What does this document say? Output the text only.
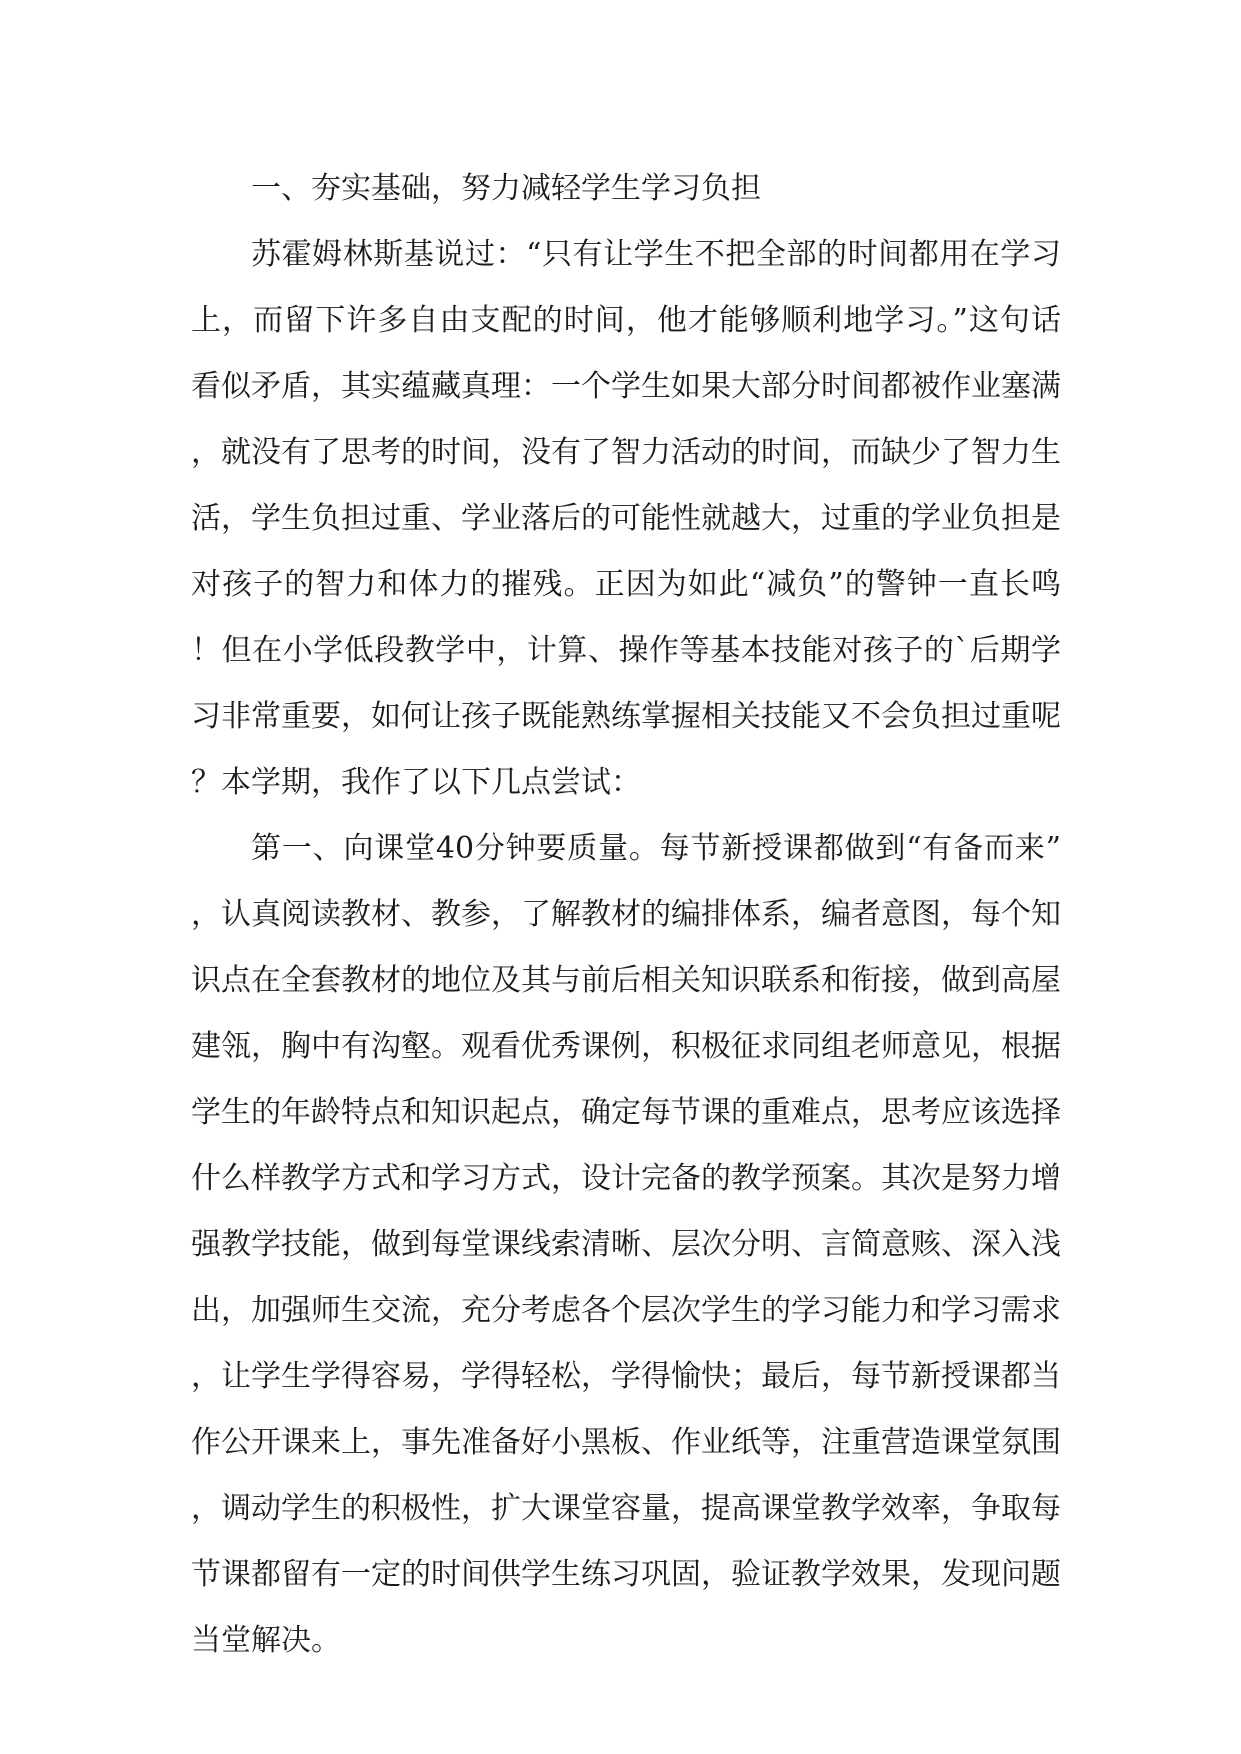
一、夯实基础，努力减轻学生学习负担

苏霍姆林斯基说过：“只有让学生不把全部的时间都用在学习上，而留下许多自由支配的时间，他才能够顺利地学习。”这句话看似矛盾，其实蕴藏真理：一个学生如果大部分时间都被作业塞满，就没有了思考的时间，没有了智力活动的时间，而缺少了智力生活，学生负担过重、学业落后的可能性就越大，过重的学业负担是对孩子的智力和体力的摧残。正因为如此“减负”的警钟一直长鸣！但在小学低段教学中，计算、操作等基本技能对孩子的`后期学习非常重要，如何让孩子既能熟练掌握相关技能又不会负担过重呢？本学期，我作了以下几点尝试：

第一、向课堂40分钟要质量。每节新授课都做到“有备而来”，认真阅读教材、教参，了解教材的编排体系，编者意图，每个知识点在全套教材的地位及其与前后相关知识联系和衔接，做到高屋建瓴，胸中有沟壑。观看优秀课例，积极征求同组老师意见，根据学生的年龄特点和知识起点，确定每节课的重难点，思考应该选择什么样教学方式和学习方式，设计完备的教学预案。其次是努力增强教学技能，做到每堂课线索清晰、层次分明、言简意赅、深入浅出，加强师生交流，充分考虑各个层次学生的学习能力和学习需求，让学生学得容易，学得轻松，学得愉快；最后，每节新授课都当作公开课来上，事先准备好小黑板、作业纸等，注重营造课堂氛围，调动学生的积极性，扩大课堂容量，提高课堂教学效率，争取每节课都留有一定的时间供学生练习巩固，验证教学效果，发现问题当堂解决。
